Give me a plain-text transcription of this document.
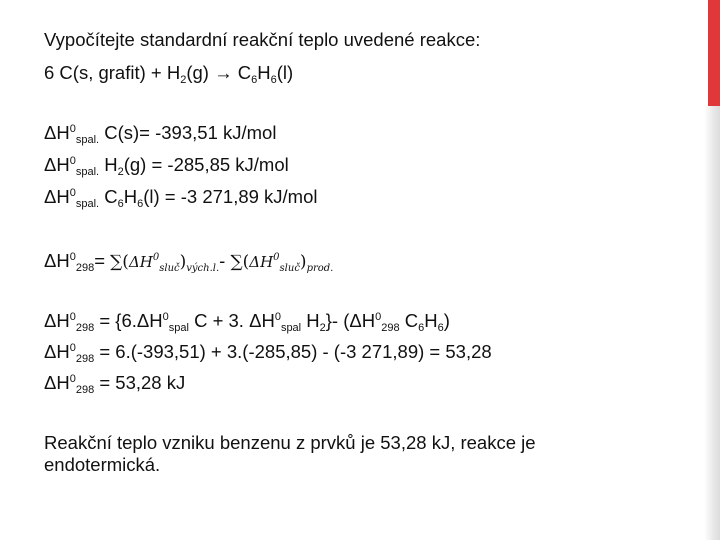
Vypočítejte standardní reakční teplo uvedené reakce:
6 C(s, grafit) + $H_2(g) \to C_6H_6(l)$
$\Delta H^0_{spal.}$ C(s)= -393,51 kJ/mol
$\Delta H^0_{spal.}$ $H_2(g) = -285,85$ kJ/mol
$\Delta H^0_{spal.}$ $C_6H_6(l) = -3$ 271,89 kJ/mol
$\Delta H^0_{298}= \sum(\Delta H^0_{sluč})_{vých.l.}-$ $\sum(\Delta H^0_{sluč})_{prod.}$
$\Delta H^0_{298} = \{6.\Delta H^0_{spal}$ C + 3. $\Delta H^0_{spal}$ $H_2\}-$ ($\Delta H^0_{298}$ $C_6H_6$)
$\Delta H^0_{298} = 6.(-393,51) + 3.(-285,85) - (-3$ 271,89) = 53,28
$\Delta H^0_{298} = 53,28$ kJ
Reakční teplo vzniku benzenu z prvků je 53,28 kJ, reakce je endotermická.
